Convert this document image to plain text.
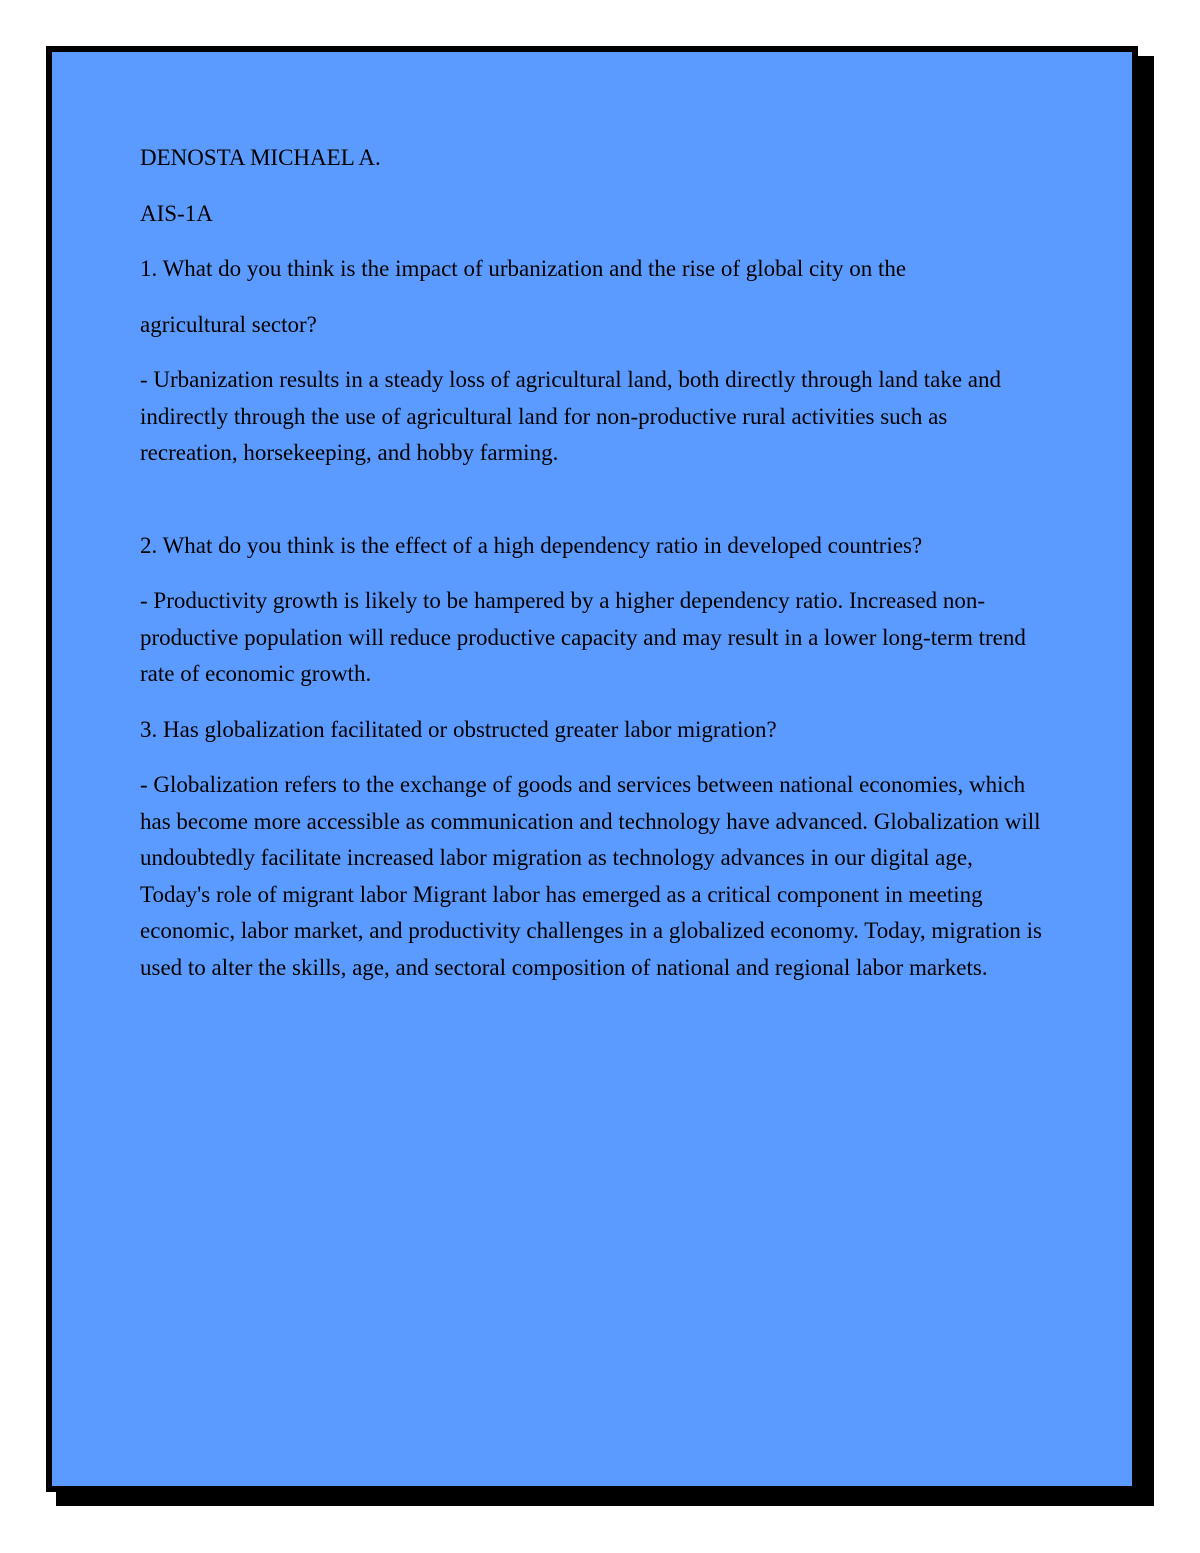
DENOSTA MICHAEL A.

AIS-1A

1. What do you think is the impact of urbanization and the rise of global city on the

agricultural sector?

- Urbanization results in a steady loss of agricultural land, both directly through land take and indirectly through the use of agricultural land for non-productive rural activities such as recreation, horsekeeping, and hobby farming.

2. What do you think is the effect of a high dependency ratio in developed countries?

- Productivity growth is likely to be hampered by a higher dependency ratio. Increased non-productive population will reduce productive capacity and may result in a lower long-term trend rate of economic growth.

3. Has globalization facilitated or obstructed greater labor migration?

- Globalization refers to the exchange of goods and services between national economies, which has become more accessible as communication and technology have advanced. Globalization will undoubtedly facilitate increased labor migration as technology advances in our digital age, Today's role of migrant labor Migrant labor has emerged as a critical component in meeting economic, labor market, and productivity challenges in a globalized economy. Today, migration is used to alter the skills, age, and sectoral composition of national and regional labor markets.
